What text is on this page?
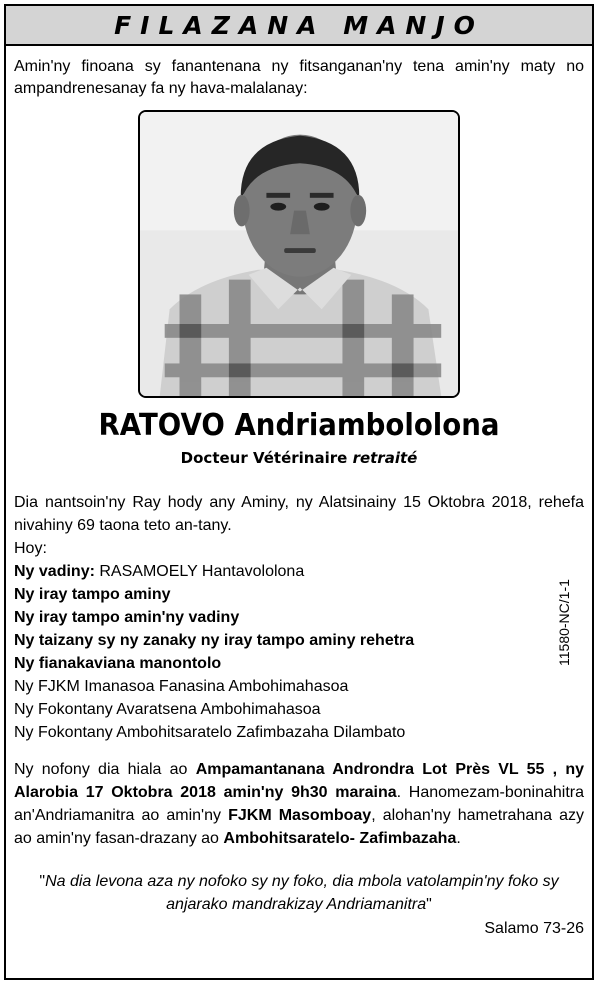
FILAZANA MANJO

Amin'ny finoana sy fanantenana ny fitsanganan'ny tena amin'ny maty no ampandrenesanay fa ny hava-malalanay:

RATOVO Andriambololona
Docteur Vétérinaire retraité

Dia nantsoin'ny Ray hody any Aminy, ny Alatsinainy 15 Oktobra 2018, rehefa nivahiny 69 taona teto an-tany.

Hoy:

Ny vadiny: RASAMOELY Hantavololona

Ny iray tampo aminy

Ny iray tampo amin'ny vadiny

Ny taizany sy ny zanaky ny iray tampo aminy rehetra

Ny fianakaviana manontolo

Ny FJKM Imanasoa Fanasina Ambohimahasoa

Ny Fokontany Avaratsena Ambohimahasoa

Ny Fokontany Ambohitsaratelo Zafimbazaha Dilambato

Ny nofony dia hiala ao Ampamantanana Androndra Lot Près VL 55 , ny Alarobia 17 Oktobra 2018 amin'ny 9h30 maraina. Hanomezam-boninahitra an'Andriamanitra ao amin'ny FJKM Masomboay, alohan'ny hametrahana azy ao amin'ny fasan-drazany ao Ambohitsaratelo- Zafimbazaha.

"Na dia levona aza ny nofoko sy ny foko, dia mbola vatolampin'ny foko sy anjarako mandrakizay Andriamanitra"

Salamo 73-26
